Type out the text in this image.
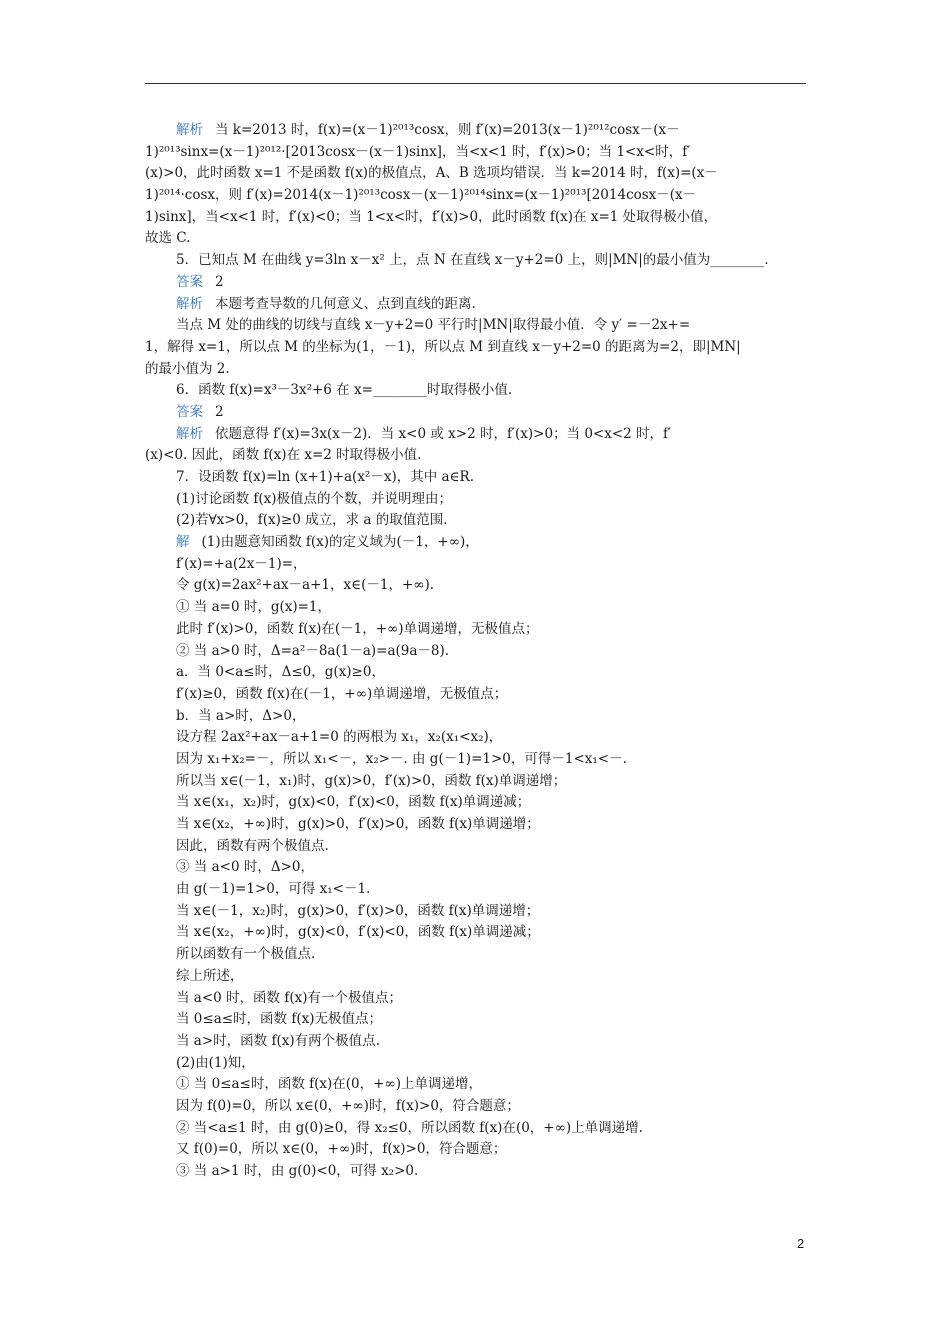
解析 当 k=2013 时，f(x)=(x－1)²⁰¹³cosx，则 f′(x)=2013(x－1)²⁰¹²cosx－(x－
1)²⁰¹³sinx=(x－1)²⁰¹²·[2013cosx－(x－1)sinx]，当<x<1 时，f′(x)>0；当 1<x<时，f′
(x)>0，此时函数 x=1 不是函数 f(x)的极值点，A、B 选项均错误．当 k=2014 时，f(x)=(x－
1)²⁰¹⁴·cosx，则 f′(x)=2014(x－1)²⁰¹³cosx－(x－1)²⁰¹⁴sinx=(x－1)²⁰¹³[2014cosx－(x－
1)sinx]，当<x<1 时，f′(x)<0；当 1<x<时，f′(x)>0，此时函数 f(x)在 x=1 处取得极小值，
故选 C.
5．已知点 M 在曲线 y=3ln x－x² 上，点 N 在直线 x－y+2=0 上，则|MN|的最小值为________.
答案 2
解析 本题考查导数的几何意义、点到直线的距离.
当点 M 处的曲线的切线与直线 x－y+2=0 平行时|MN|取得最小值．令 y′ =－2x+=
1，解得 x=1，所以点 M 的坐标为(1，－1)，所以点 M 到直线 x－y+2=0 的距离为=2，即|MN|
的最小值为 2.
6．函数 f(x)=x³－3x²+6 在 x=________时取得极小值.
答案 2
解析 依题意得 f′(x)=3x(x－2)．当 x<0 或 x>2 时，f′(x)>0；当 0<x<2 时，f′
(x)<0. 因此，函数 f(x)在 x=2 时取得极小值.
7．设函数 f(x)=ln (x+1)+a(x²－x)，其中 a∈R.
(1)讨论函数 f(x)极值点的个数，并说明理由；
(2)若∀x>0，f(x)≥0 成立，求 a 的取值范围.
解 (1)由题意知函数 f(x)的定义域为(－1，+∞)，
f′(x)=+a(2x－1)=，
令 g(x)=2ax²+ax－a+1，x∈(－1，+∞).
① 当 a=0 时，g(x)=1，
此时 f′(x)>0，函数 f(x)在(－1，+∞)单调递增，无极值点；
② 当 a>0 时，Δ=a²－8a(1－a)=a(9a－8).
a．当 0<a≤时，Δ≤0，g(x)≥0，
f′(x)≥0，函数 f(x)在(－1，+∞)单调递增，无极值点；
b．当 a>时，Δ>0，
设方程 2ax²+ax－a+1=0 的两根为 x₁，x₂(x₁<x₂)，
因为 x₁+x₂=－，所以 x₁<－，x₂>－. 由 g(－1)=1>0，可得－1<x₁<－.
所以当 x∈(－1，x₁)时，g(x)>0，f′(x)>0，函数 f(x)单调递增；
当 x∈(x₁，x₂)时，g(x)<0，f′(x)<0，函数 f(x)单调递减；
当 x∈(x₂，+∞)时，g(x)>0，f′(x)>0，函数 f(x)单调递增；
因此，函数有两个极值点.
③ 当 a<0 时，Δ>0，
由 g(－1)=1>0，可得 x₁<－1.
当 x∈(－1，x₂)时，g(x)>0，f′(x)>0，函数 f(x)单调递增；
当 x∈(x₂，+∞)时，g(x)<0，f′(x)<0，函数 f(x)单调递减；
所以函数有一个极值点.
综上所述，
当 a<0 时，函数 f(x)有一个极值点；
当 0≤a≤时，函数 f(x)无极值点；
当 a>时，函数 f(x)有两个极值点.
(2)由(1)知，
① 当 0≤a≤时，函数 f(x)在(0，+∞)上单调递增，
因为 f(0)=0，所以 x∈(0，+∞)时，f(x)>0，符合题意；
② 当<a≤1 时，由 g(0)≥0，得 x₂≤0，所以函数 f(x)在(0，+∞)上单调递增.
又 f(0)=0，所以 x∈(0，+∞)时，f(x)>0，符合题意；
③ 当 a>1 时，由 g(0)<0，可得 x₂>0.
2
